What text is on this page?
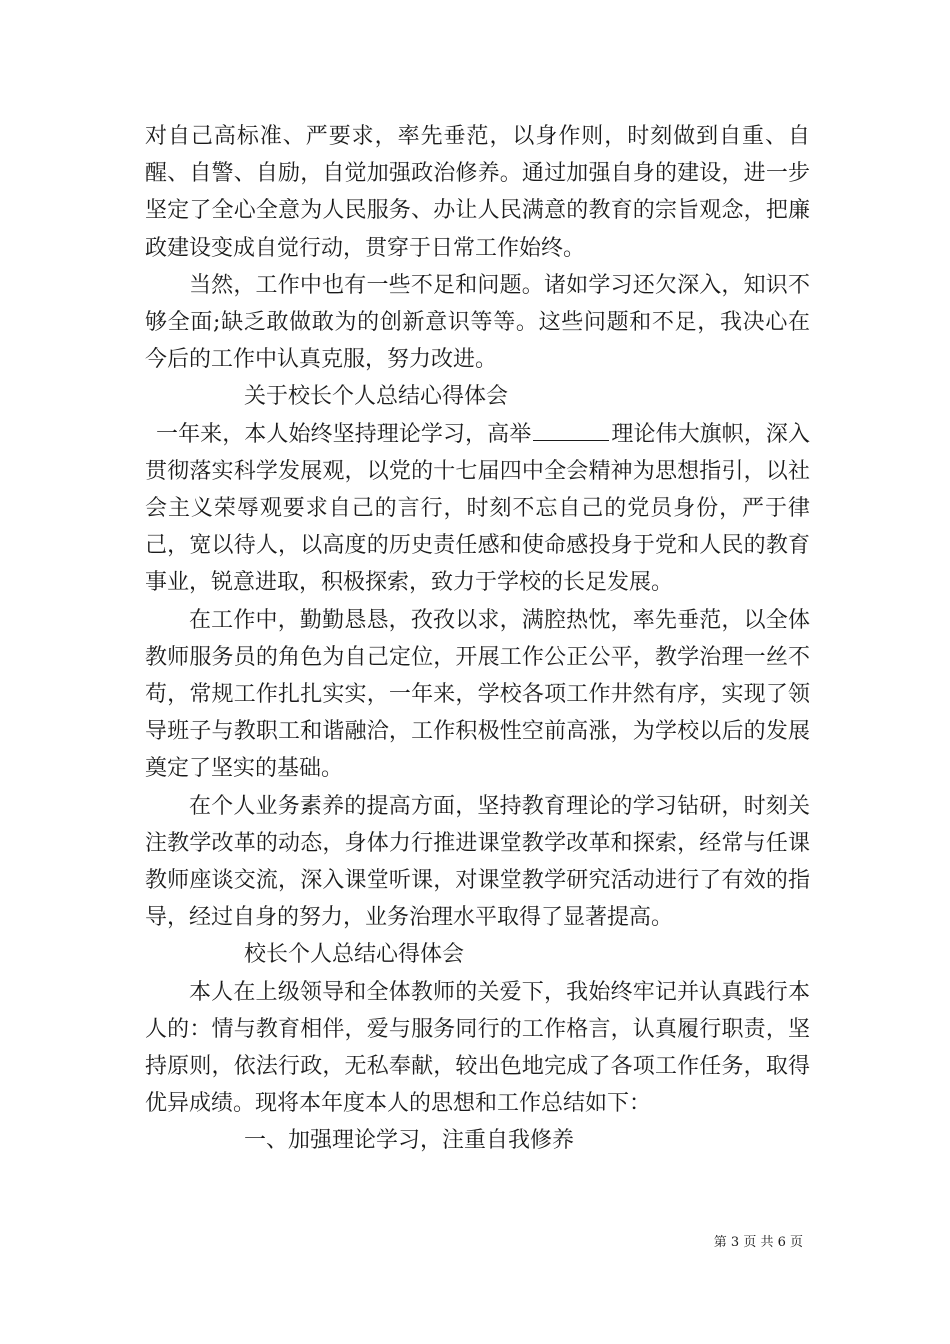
对自己高标准、严要求，率先垂范，以身作则，时刻做到自重、自醒、自警、自励，自觉加强政治修养。通过加强自身的建设，进一步坚定了全心全意为人民服务、办让人民满意的教育的宗旨观念，把廉政建设变成自觉行动，贯穿于日常工作始终。

当然，工作中也有一些不足和问题。诸如学习还欠深入，知识不够全面;缺乏敢做敢为的创新意识等等。这些问题和不足，我决心在今后的工作中认真克服，努力改进。

关于校长个人总结心得体会

一年来，本人始终坚持理论学习，高举	理论伟大旗帜，深入贯彻落实科学发展观，以党的十七届四中全会精神为思想指引，以社会主义荣辱观要求自己的言行，时刻不忘自己的党员身份，严于律己，宽以待人，以高度的历史责任感和使命感投身于党和人民的教育事业，锐意进取，积极探索，致力于学校的长足发展。

在工作中，勤勤恳恳，孜孜以求，满腔热忱，率先垂范，以全体教师服务员的角色为自己定位，开展工作公正公平，教学治理一丝不苟，常规工作扎扎实实，一年来，学校各项工作井然有序，实现了领导班子与教职工和谐融洽，工作积极性空前高涨，为学校以后的发展奠定了坚实的基础。

在个人业务素养的提高方面，坚持教育理论的学习钻研，时刻关注教学改革的动态，身体力行推进课堂教学改革和探索，经常与任课教师座谈交流，深入课堂听课，对课堂教学研究活动进行了有效的指导，经过自身的努力，业务治理水平取得了显著提高。

校长个人总结心得体会

本人在上级领导和全体教师的关爱下，我始终牢记并认真践行本人的：情与教育相伴，爱与服务同行的工作格言，认真履行职责，坚持原则，依法行政，无私奉献，较出色地完成了各项工作任务，取得优异成绩。现将本年度本人的思想和工作总结如下：

一、加强理论学习，注重自我修养

第 3 页 共 6 页
